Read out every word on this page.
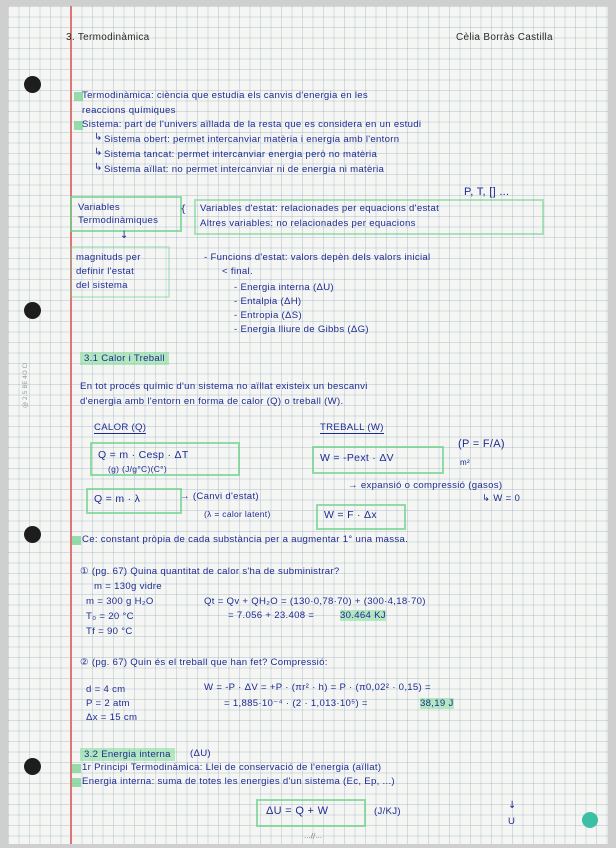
@ 2.5 BE 4O CI
3. Termodinàmica	Cèlia Borràs Castilla
Termodinàmica: ciència que estudia els canvis d'energia en les
reaccions químiques
Sistema: part de l'univers aïllada de la resta que es considera en un estudi
Sistema obert: permet intercanviar matèria i energia amb l'entorn
Sistema tancat: permet intercanviar energia però no matèria
Sistema aïllat: no permet intercanviar ni de energia ni matèria
↳
↳
↳
P, T, [] ...
Variables
Termodinàmiques
{ Variables d'estat: relacionades per equacions d'estat
Altres variables: no relacionades per equacions
↓
magnituds per
definir l'estat
del sistema
- Funcions d'estat: valors depèn dels valors inicial
< final.
- Energia interna (ΔU)
- Entalpia (ΔH)
- Entropia (ΔS)
- Energia lliure de Gibbs (ΔG)
3.1 Calor i Treball
En tot procés químic d'un sistema no aïllat existeix un bescanvi
d'energia amb l'entorn en forma de calor (Q) o treball (W).
CALOR (Q)
Q = m · Cesp · ΔT
(g) (J/g°C)(C°)
Q = m · λ	→ (Canvi d'estat)
(λ = calor latent)
TREBALL (W)
W = -Pext · ΔV
(P = F/A)
m²
→ expansió o compressió (gasos)
↳ W = 0
W = F · Δx
Ce: constant pròpia de cada substància per a augmentar 1° una massa.
① (pg. 67) Quina quantitat de calor s'ha de subministrar?
m = 130g vidre
m = 300 g H₂O
T₀ = 20 °C
Tf = 90 °C
Qt = Qv + QH₂O = (130·0,78·70) + (300·4,18·70)
= 7.056 + 23.408 =	30.464 KJ
② (pg. 67) Quin és el treball que han fet? Compressió:
d = 4 cm
P = 2 atm
Δx = 15 cm
W = -P · ΔV = +P · (πr² · h) = P · (π0,02² · 0,15) =
= 1,885·10⁻⁴ · (2 · 1,013·10⁵) =	38,19 J
3.2 Energia interna	(ΔU)
1r Principi Termodinàmica: Llei de conservació de l'energia (aïllat)
Energia interna: suma de totes les energies d'un sistema (Ec, Ep, ...)
ΔU = Q + W	(J/KJ)
U
↓
...//...
